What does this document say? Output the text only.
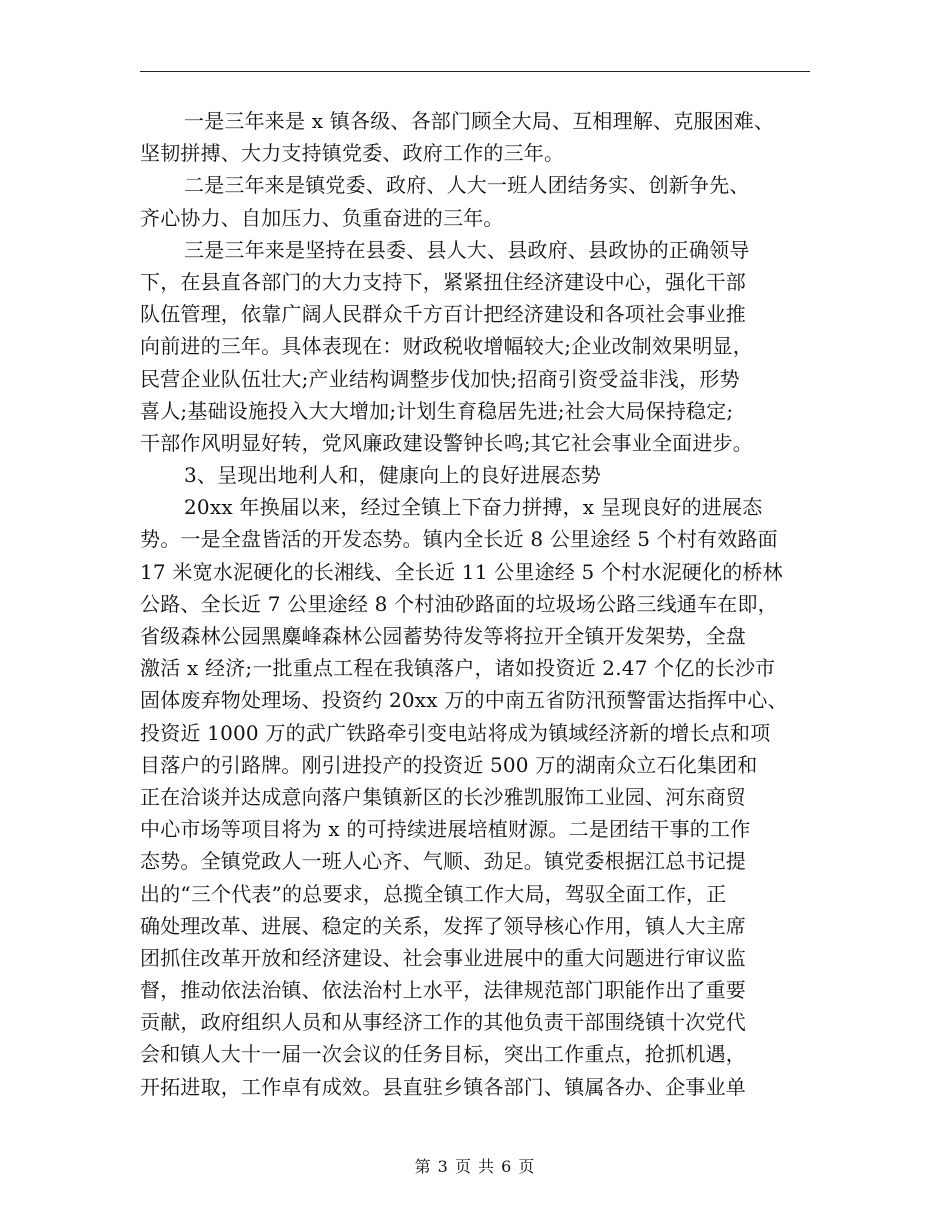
一是三年来是 x 镇各级、各部门顾全大局、互相理解、克服困难、
坚韧拼搏、大力支持镇党委、政府工作的三年。
二是三年来是镇党委、政府、人大一班人团结务实、创新争先、
齐心协力、自加压力、负重奋进的三年。
三是三年来是坚持在县委、县人大、县政府、县政协的正确领导
下，在县直各部门的大力支持下，紧紧扭住经济建设中心，强化干部
队伍管理，依靠广阔人民群众千方百计把经济建设和各项社会事业推
向前进的三年。具体表现在：财政税收增幅较大;企业改制效果明显，
民营企业队伍壮大;产业结构调整步伐加快;招商引资受益非浅，形势
喜人;基础设施投入大大增加;计划生育稳居先进;社会大局保持稳定;
干部作风明显好转，党风廉政建设警钟长鸣;其它社会事业全面进步。
3、呈现出地利人和，健康向上的良好进展态势
20xx 年换届以来，经过全镇上下奋力拼搏，x 呈现良好的进展态
势。一是全盘皆活的开发态势。镇内全长近 8 公里途经 5 个村有效路面
17 米宽水泥硬化的长湘线、全长近 11 公里途经 5 个村水泥硬化的桥林
公路、全长近 7 公里途经 8 个村油砂路面的垃圾场公路三线通车在即，
省级森林公园黑麋峰森林公园蓄势待发等将拉开全镇开发架势，全盘
激活 x 经济;一批重点工程在我镇落户，诸如投资近 2.47 个亿的长沙市
固体废弃物处理场、投资约 20xx 万的中南五省防汛预警雷达指挥中心、
投资近 1000 万的武广铁路牵引变电站将成为镇域经济新的增长点和项
目落户的引路牌。刚引进投产的投资近 500 万的湖南众立石化集团和
正在洽谈并达成意向落户集镇新区的长沙雅凯服饰工业园、河东商贸
中心市场等项目将为 x 的可持续进展培植财源。二是团结干事的工作
态势。全镇党政人一班人心齐、气顺、劲足。镇党委根据江总书记提
出的“三个代表”的总要求，总揽全镇工作大局，驾驭全面工作，正
确处理改革、进展、稳定的关系，发挥了领导核心作用，镇人大主席
团抓住改革开放和经济建设、社会事业进展中的重大问题进行审议监
督，推动依法治镇、依法治村上水平，法律规范部门职能作出了重要
贡献，政府组织人员和从事经济工作的其他负责干部围绕镇十次党代
会和镇人大十一届一次会议的任务目标，突出工作重点，抢抓机遇，
开拓进取，工作卓有成效。县直驻乡镇各部门、镇属各办、企事业单
第 3 页 共 6 页
